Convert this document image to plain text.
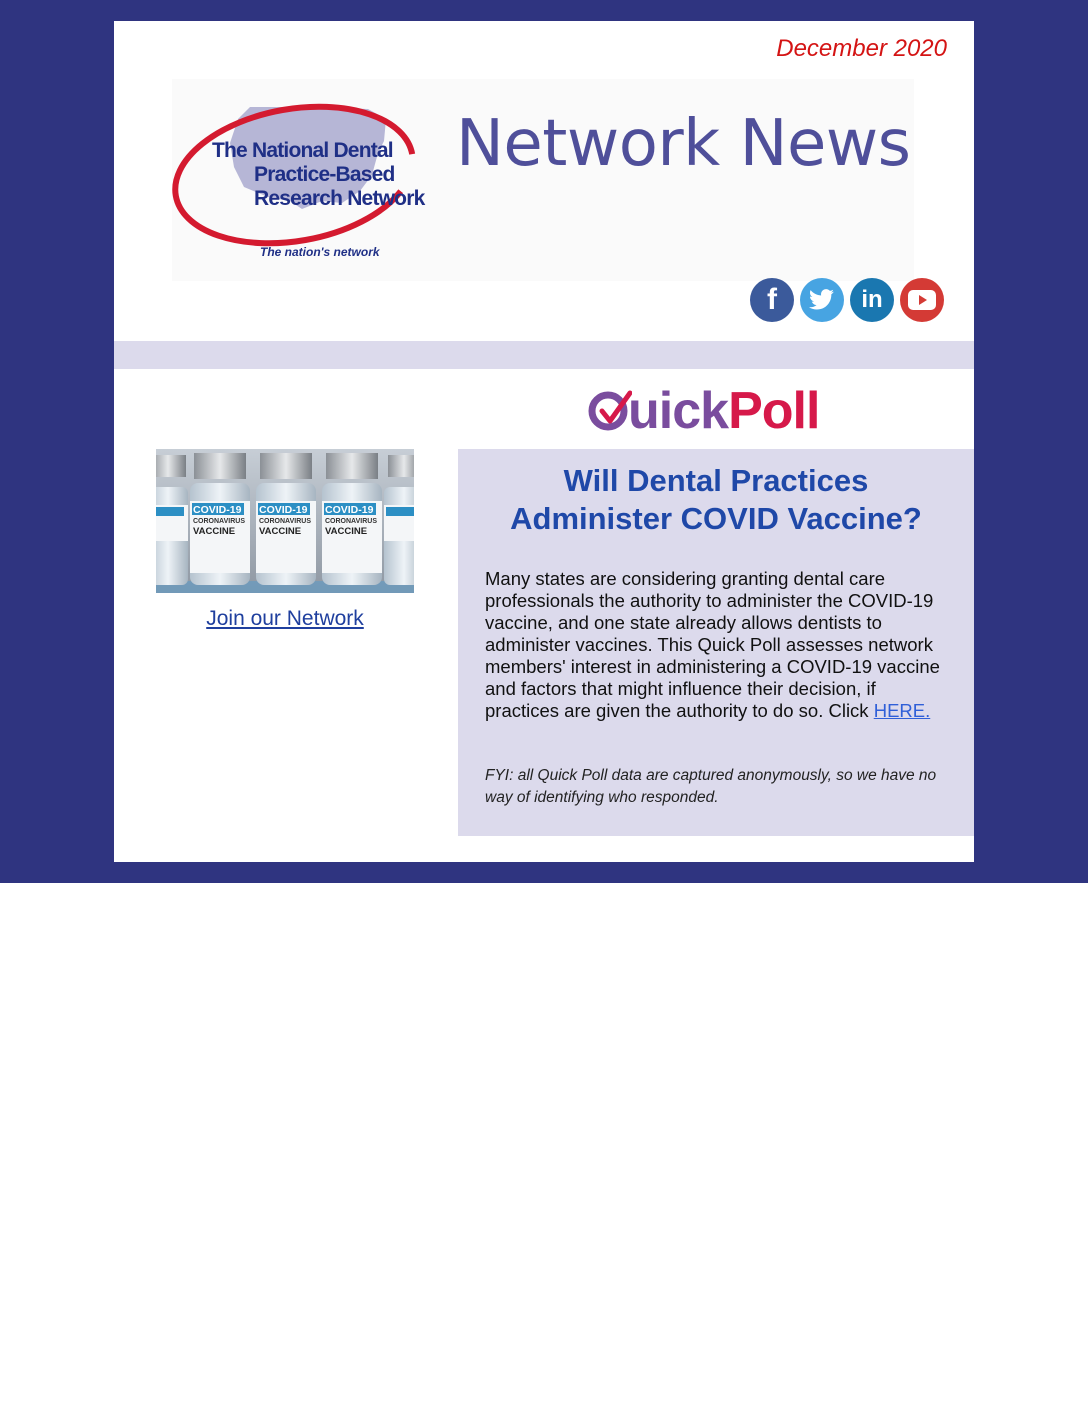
December 2020
The National Dental
Practice-Based
Research Network
The nation's network
Network News
f	in
uickPoll
COVID-19
CORONAVIRUS
VACCINE
COVID-19
CORONAVIRUS
VACCINE
COVID-19
CORONAVIRUS
VACCINE
Join our Network
Will Dental Practices
Administer COVID Vaccine?
Many states are considering granting dental care professionals the authority to administer the COVID-19 vaccine, and one state already allows dentists to administer vaccines. This Quick Poll assesses network members' interest in administering a COVID-19 vaccine and factors that might influence their decision, if practices are given the authority to do so. Click HERE.
FYI: all Quick Poll data are captured anonymously, so we have no way of identifying who responded.
